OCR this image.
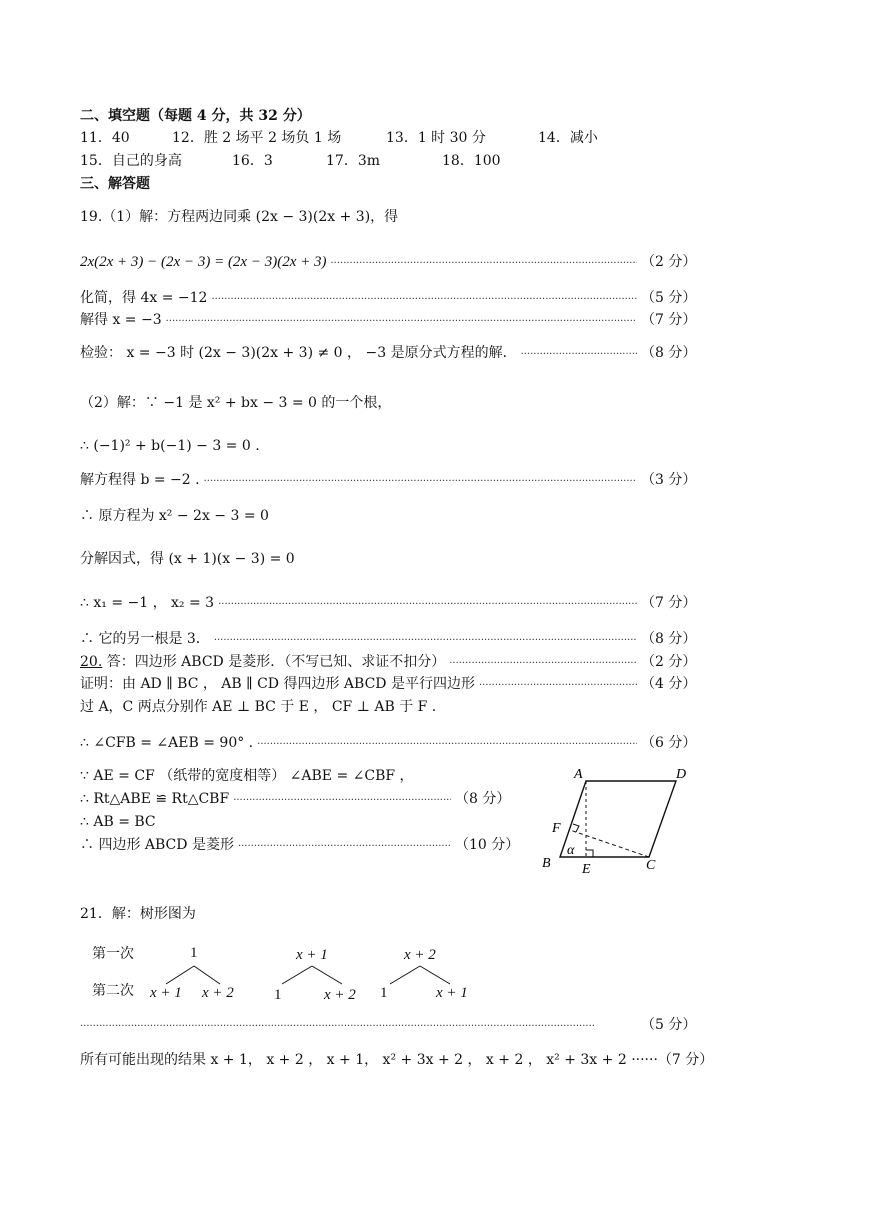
二、填空题（每题 4 分，共 32 分）
11．40	12．胜 2 场平 2 场负 1 场	13．1 时 30 分	14．减小
15．自己的身高	16．3	17．3m	18．100
三、解答题
19.（1）解：方程两边同乘 (2x − 3)(2x + 3)，得
2x(2x + 3) − (2x − 3) = (2x − 3)(2x + 3) ·····	（2 分）
化简，得 4x = −12 ·····	（5 分）
解得 x = −3 ·····	（7 分）
检验： x = −3 时 (2x − 3)(2x + 3) ≠ 0 ， −3 是原分式方程的解． ·····	（8 分）
（2）解：∵ −1 是 x² + bx − 3 = 0 的一个根，
∴ (−1)² + b(−1) − 3 = 0 .
解方程得 b = −2 . ·····	（3 分）
∴ 原方程为 x² − 2x − 3 = 0
分解因式，得 (x + 1)(x − 3) = 0
∴ x₁ = −1 ， x₂ = 3 ·····	（7 分）
∴ 它的另一根是 3． ·····	（8 分）
20. 答：四边形 ABCD 是菱形．（不写已知、求证不扣分） ·····	（2 分）
证明：由 AD ∥ BC ， AB ∥ CD 得四边形 ABCD 是平行四边形 ·····	（4 分）
过 A，C 两点分别作 AE ⊥ BC 于 E ， CF ⊥ AB 于 F .
∴ ∠CFB = ∠AEB = 90° . ·····	（6 分）
∵ AE = CF （纸带的宽度相等） ∠ABE = ∠CBF ，
∴ Rt△ABE ≌ Rt△CBF ·····	（8 分）
∴ AB = BC
∴ 四边形 ABCD 是菱形 ·····	（10 分）
A	D
F
B E	C
α
21．解：树形图为
第一次
第二次
1
x + 1 x + 2
x + 1
1	x + 2
x + 2
1	x + 1
·····
（5 分）
所有可能出现的结果 x + 1， x + 2 ， x + 1， x² + 3x + 2 ， x + 2 ， x² + 3x + 2 ······ （7 分）
